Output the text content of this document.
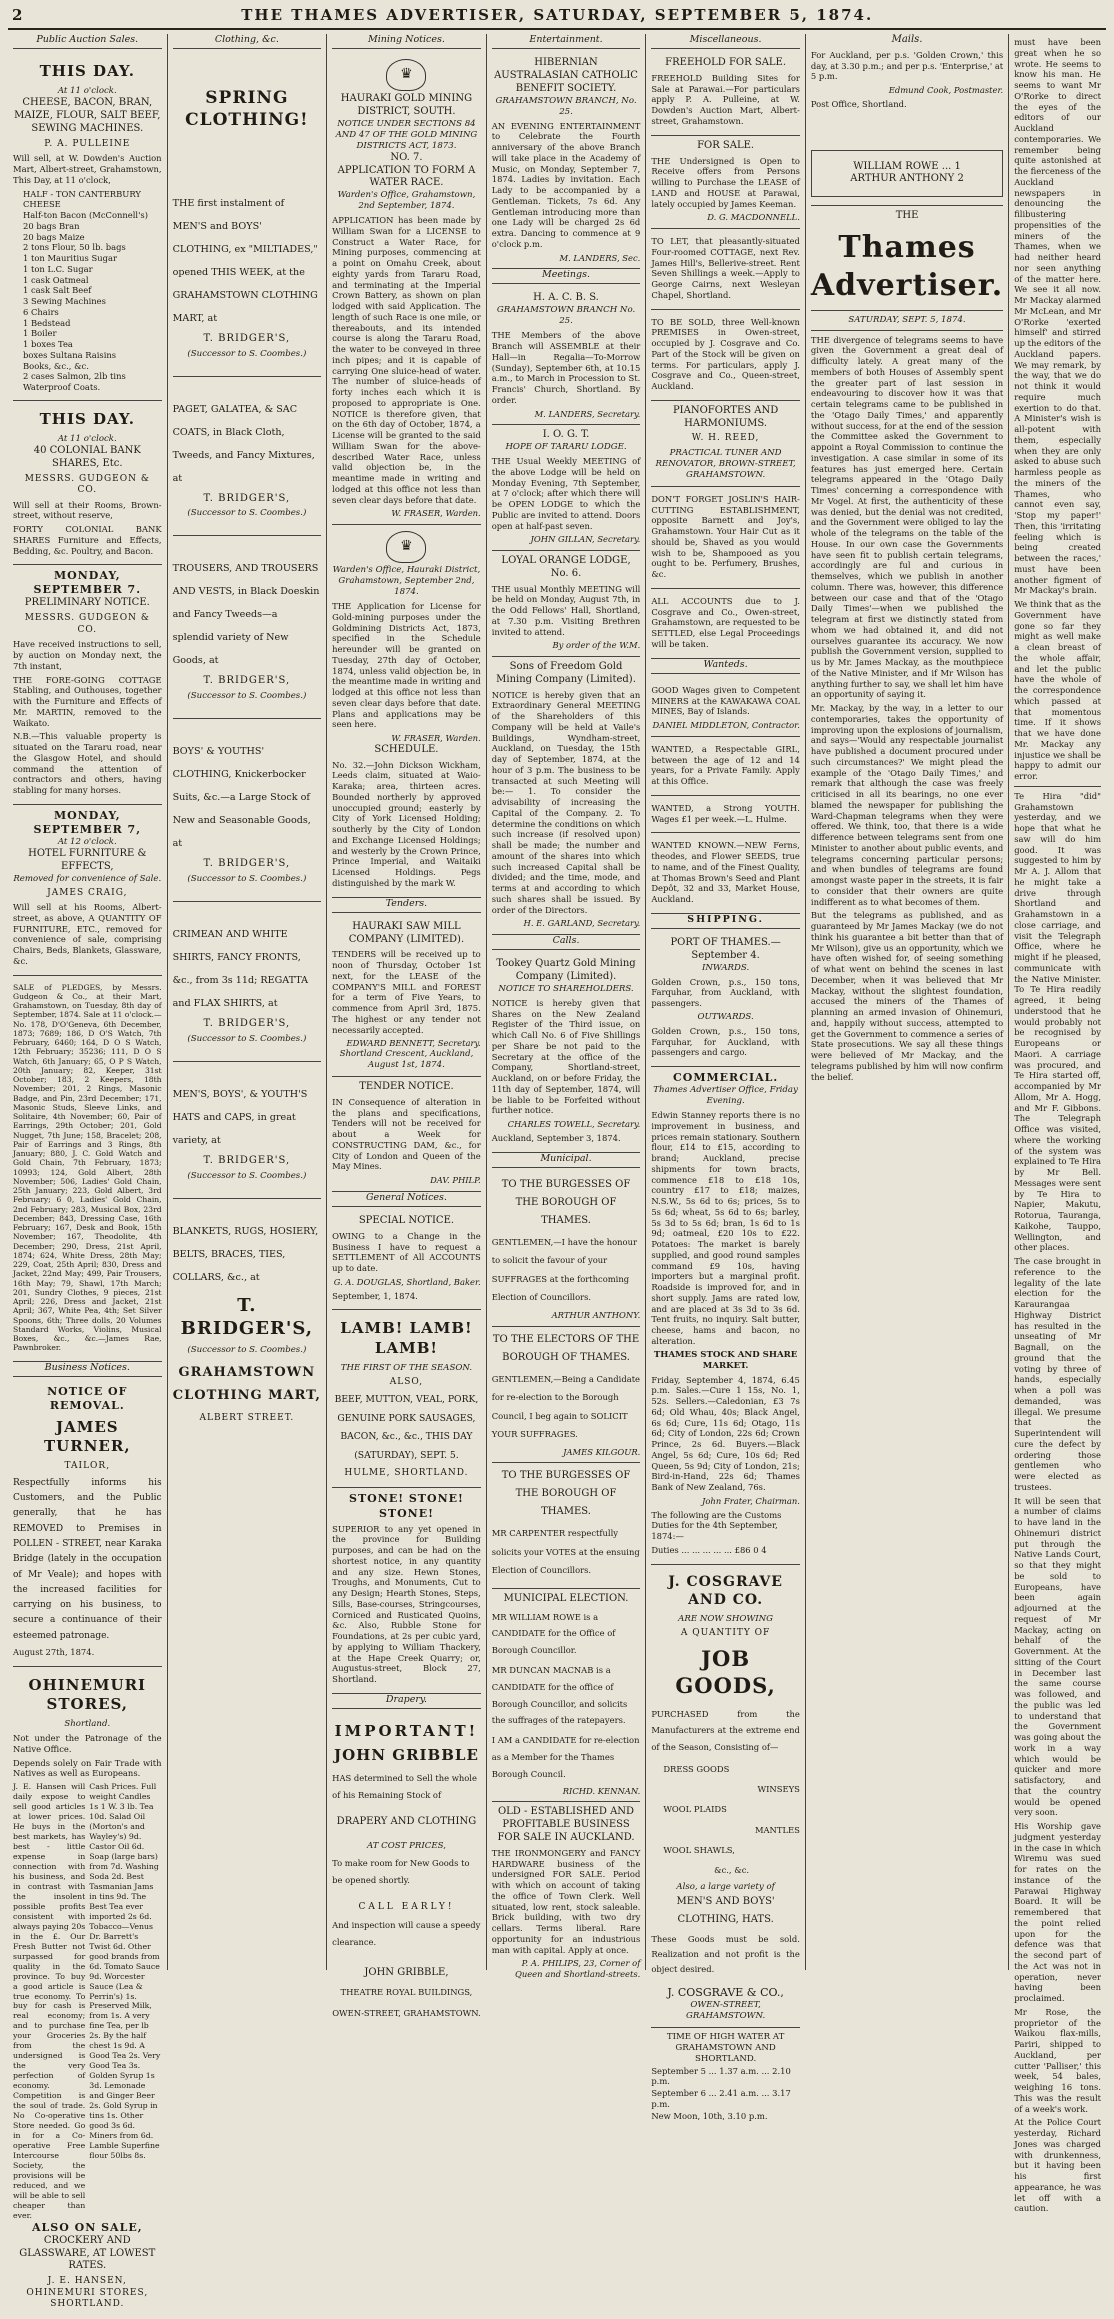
2	THE THAMES ADVERTISER, SATURDAY, SEPTEMBER 5, 1874.
Public Auction Sales.
THIS DAY.
At 11 o'clock.
CHEESE, BACON, BRAN, MAIZE, FLOUR, SALT BEEF, SEWING MACHINES.
P. A. PULLEINE

Will sell, at W. Dowden's Auction Mart, Albert-street, Grahamstown, This Day, at 11 o'clock,

HALF - TON CANTERBURY CHEESE
Half-ton Bacon (McConnell's)
20 bags Bran
20 bags Maize
2 tons Flour, 50 lb. bags
1 ton Mauritius Sugar
1 ton L.C. Sugar
1 cask Oatmeal
1 cask Salt Beef
3 Sewing Machines
6 Chairs
1 Bedstead
1 Boiler
1 boxes Tea
boxes Sultana Raisins
Books, &c., &c.
2 cases Salmon, 2lb tins
Waterproof Coats.
THIS DAY.
At 11 o'clock.
40 COLONIAL BANK SHARES, Etc.
MESSRS. GUDGEON & CO.

Will sell at their Rooms, Brown-street, without reserve,

FORTY COLONIAL BANK SHARES Furniture and Effects, Bedding, &c. Poultry, and Bacon.

MONDAY, SEPTEMBER 7.
PRELIMINARY NOTICE.
MESSRS. GUDGEON & CO.

Have received instructions to sell, by auction on Monday next, the 7th instant,

THE FORE-GOING COTTAGE Stabling, and Outhouses, together with the Furniture and Effects of Mr. MARTIN, removed to the Waikato.

N.B.—This valuable property is situated on the Tararu road, near the Glasgow Hotel, and should command the attention of contractors and others, having stabling for many horses.

MONDAY, SEPTEMBER 7,
At 12 o'clock.
HOTEL FURNITURE & EFFECTS,
Removed for convenience of Sale.
JAMES CRAIG,

Will sell at his Rooms, Albert-street, as above, A QUANTITY OF FURNITURE, ETC., removed for convenience of sale, comprising Chairs, Beds, Blankets, Glassware, &c.

SALE of PLEDGES, by Messrs. Gudgeon & Co., at their Mart, Grahamstown, on Tuesday, 8th day of September, 1874. Sale at 11 o'clock.—No. 178, D'O'Geneva, 6th December, 1873; 7689; 186, D O'S Watch, 7th February, 6460; 164, D O S Watch, 12th February; 35236; 111, D O S Watch, 6th January; 65, O P S Watch, 20th January; 82, Keeper, 31st October; 183, 2 Keepers, 18th November; 201, 2 Rings, Masonic Badge, and Pin, 23rd December; 171, Masonic Studs, Sleeve Links, and Solitaire, 4th November; 60, Pair of Earrings, 29th October; 201, Gold Nugget, 7th June; 158, Bracelet; 208, Pair of Earrings and 3 Rings, 8th January; 880, J. C. Gold Watch and Gold Chain, 7th February, 1873; 10993; 124, Gold Albert, 28th November; 506, Ladies' Gold Chain, 25th January; 223, Gold Albert, 3rd February; 6 0, Ladies' Gold Chain, 2nd February; 283, Musical Box, 23rd December; 843, Dressing Case, 16th February; 167, Desk and Book, 15th November; 167, Theodolite, 4th December; 290, Dress, 21st April, 1874; 624, White Dress, 28th May; 229, Coat, 25th April; 830, Dress and Jacket, 22nd May; 499, Pair Trousers, 16th May; 79, Shawl, 17th March; 201, Sundry Clothes, 9 pieces, 21st April; 226, Dress and Jacket, 21st April; 367, White Pea, 4th; Set Silver Spoons, 6th; Three dolls, 20 Volumes Standard Works, Violins, Musical Boxes, &c., &c.—James Rae, Pawnbroker.

Business Notices.
NOTICE OF REMOVAL.
JAMES TURNER,
TAILOR,

Respectfully informs his Customers, and the Public generally, that he has REMOVED to Premises in POLLEN - STREET, near Karaka Bridge (lately in the occupation of Mr Veale); and hopes with the increased facilities for carrying on his business, to secure a continuance of their esteemed patronage.

August 27th, 1874.

OHINEMURI STORES,
Shortland.

Not under the Patronage of the Native Office.

Depends solely on Fair Trade with Natives as well as Europeans.

J. E. Hansen will daily expose to sell good articles at lower prices. He buys in the best markets, has best - little expense in connection with his business, and in contrast with the insolent possible profits consistent with always paying 20s in the £. Our Fresh Butter not surpassed for quality in the province. To buy a good article is true economy. To buy for cash is real economy; and to purchase your Groceries from the undersigned is the very perfection of economy. Competition is the soul of trade. No Co-operative Store needed. Go in for a Co-operative Free Intercourse Society, the provisions will be reduced, and we will be able to sell cheaper than ever.

Cash Prices. Full weight Candles 1s 1 W. 3 lb. Tea 10d. Salad Oil (Morton's and Wayley's) 9d. Castor Oil 6d. Soap (large bars) from 7d. Washing Soda 2d. Best Tasmanian Jams in tins 9d. The Best Tea ever imported 2s 6d. Tobacco—Venus Dr. Barrett's Twist 6d. Other good brands from 6d. Tomato Sauce 9d. Worcester Sauce (Lea & Perrin's) 1s. Preserved Milk, from 1s. A very fine Tea, per lb 2s. By the half chest 1s 9d. A Good Tea 2s. Very Good Tea 3s. Golden Syrup 1s 3d. Lemonade and Ginger Beer 2s. Gold Syrup in tins 1s. Other good 3s 6d. Miners from 6d. Lamble Superfine flour 50lbs 8s.

ALSO ON SALE,
CROCKERY AND GLASSWARE, AT LOWEST RATES.
J. E. HANSEN, OHINEMURI STORES, SHORTLAND.
Clothing, &c.
SPRING CLOTHING!

THE first instalment of MEN'S and BOYS' CLOTHING, ex "MILTIADES," opened THIS WEEK, at the GRAHAMSTOWN CLOTHING MART, at

T. BRIDGER'S,
(Successor to S. Coombes.)

PAGET, GALATEA, & SAC COATS, in Black Cloth, Tweeds, and Fancy Mixtures, at

T. BRIDGER'S,
(Successor to S. Coombes.)

TROUSERS, AND TROUSERS AND VESTS, in Black Doeskin and Fancy Tweeds—a splendid variety of New Goods, at

T. BRIDGER'S,
(Successor to S. Coombes.)

BOYS' & YOUTHS' CLOTHING, Knickerbocker Suits, &c.—a Large Stock of New and Seasonable Goods, at

T. BRIDGER'S,
(Successor to S. Coombes.)

CRIMEAN AND WHITE SHIRTS, FANCY FRONTS, &c., from 3s 11d; REGATTA and FLAX SHIRTS, at

T. BRIDGER'S,
(Successor to S. Coombes.)

MEN'S, BOYS', & YOUTH'S HATS and CAPS, in great variety, at

T. BRIDGER'S,
(Successor to S. Coombes.)

BLANKETS, RUGS, HOSIERY, BELTS, BRACES, TIES, COLLARS, &c., at

T. BRIDGER'S,
(Successor to S. Coombes.)
GRAHAMSTOWN CLOTHING MART,
ALBERT STREET.
Mining Notices.
♛
HAURAKI GOLD MINING DISTRICT, SOUTH.
NOTICE UNDER SECTIONS 84 AND 47 OF THE GOLD MINING DISTRICTS ACT, 1873.
NO. 7.
APPLICATION TO FORM A WATER RACE.
Warden's Office, Grahamstown, 2nd September, 1874.

APPLICATION has been made by William Swan for a LICENSE to Construct a Water Race, for Mining purposes, commencing at a point on Omahu Creek, about eighty yards from Tararu Road, and terminating at the Imperial Crown Battery, as shown on plan lodged with said Application. The length of such Race is one mile, or thereabouts, and its intended course is along the Tararu Road, the water to be conveyed in three inch pipes; and it is capable of carrying One sluice-head of water. The number of sluice-heads of forty inches each which it is proposed to appropriate is One. NOTICE is therefore given, that on the 6th day of October, 1874, a License will be granted to the said William Swan for the above-described Water Race, unless valid objection be, in the meantime made in writing and lodged at this office not less than seven clear days before that date.

W. FRASER, Warden.
♛
Warden's Office, Hauraki District, Grahamstown, September 2nd, 1874.

THE Application for License for Gold-mining purposes under the Goldmining Districts Act, 1873, specified in the Schedule hereunder will be granted on Tuesday, 27th day of October, 1874, unless valid objection be, in the meantime made in writing and lodged at this office not less than seven clear days before that date. Plans and applications may be seen here.

W. FRASER, Warden.
SCHEDULE.

No. 32.—John Dickson Wickham, Leeds claim, situated at Waio-Karaka; area, thirteen acres. Bounded northerly by approved unoccupied ground; easterly by City of York Licensed Holding; southerly by the City of London and Exchange Licensed Holdings; and westerly by the Crown Prince, Prince Imperial, and Waitaiki Licensed Holdings. Pegs distinguished by the mark W.

Tenders.
HAURAKI SAW MILL COMPANY (LIMITED).

TENDERS will be received up to noon of Thursday, October 1st next, for the LEASE of the COMPANY'S MILL and FOREST for a term of Five Years, to commence from April 3rd, 1875. The highest or any tender not necessarily accepted.

EDWARD BENNETT, Secretary.
Shortland Crescent, Auckland, August 1st, 1874.
TENDER NOTICE.

IN Consequence of alteration in the plans and specifications, Tenders will not be received for about a Week for CONSTRUCTING DAM, &c., for City of London and Queen of the May Mines.

DAV. PHILP.
General Notices.
SPECIAL NOTICE.

OWING to a Change in the Business I have to request a SETTLEMENT of All ACCOUNTS up to date.

G. A. DOUGLAS, Shortland, Baker.

September, 1, 1874.

LAMB! LAMB! LAMB!
THE FIRST OF THE SEASON.
ALSO,

BEEF, MUTTON, VEAL, PORK, GENUINE PORK SAUSAGES, BACON, &c., &c., THIS DAY (SATURDAY), SEPT. 5.

HULME, SHORTLAND.
STONE! STONE! STONE!

SUPERIOR to any yet opened in the province for Building purposes, and can be had on the shortest notice, in any quantity and any size. Hewn Stones, Troughs, and Monuments, Cut to any Design; Hearth Stones, Steps, Sills, Base-courses, Stringcourses, Corniced and Rusticated Quoins, &c. Also, Rubble Stone for Foundations, at 2s per cubic yard, by applying to William Thackery, at the Hape Creek Quarry; or, Augustus-street, Block 27, Shortland.

Drapery.
IMPORTANT!
JOHN GRIBBLE

HAS determined to Sell the whole of his Remaining Stock of

DRAPERY AND CLOTHING
AT COST PRICES,

To make room for New Goods to be opened shortly.

CALL EARLY!

And inspection will cause a speedy clearance.

JOHN GRIBBLE,

THEATRE ROYAL BUILDINGS, OWEN-STREET, GRAHAMSTOWN.

Entertainment.
HIBERNIAN AUSTRALASIAN CATHOLIC BENEFIT SOCIETY.
GRAHAMSTOWN BRANCH, No. 25.

AN EVENING ENTERTAINMENT to Celebrate the Fourth anniversary of the above Branch will take place in the Academy of Music, on Monday, September 7, 1874. Ladies by invitation. Each Lady to be accompanied by a Gentleman. Tickets, 7s 6d. Any Gentleman introducing more than one Lady will be charged 2s 6d extra. Dancing to commence at 9 o'clock p.m.

M. LANDERS, Sec.
Meetings.
H. A. C. B. S.
GRAHAMSTOWN BRANCH No. 25.

THE Members of the above Branch will ASSEMBLE at their Hall—in Regalia—To-Morrow (Sunday), September 6th, at 10.15 a.m., to March in Procession to St. Francis' Church, Shortland. By order.

M. LANDERS, Secretary.
I. O. G. T.
HOPE OF TARARU LODGE.

THE Usual Weekly MEETING of the above Lodge will be held on Monday Evening, 7th September, at 7 o'clock; after which there will be OPEN LODGE to which the Public are invited to attend. Doors open at half-past seven.

JOHN GILLAN, Secretary.
LOYAL ORANGE LODGE, No. 6.

THE usual Monthly MEETING will be held on Monday, August 7th, in the Odd Fellows' Hall, Shortland, at 7.30 p.m. Visiting Brethren invited to attend.

By order of the W.M.
Sons of Freedom Gold Mining Company (Limited).

NOTICE is hereby given that an Extraordinary General MEETING of the Shareholders of this Company will be held at Vaile's Buildings, Wyndham-street, Auckland, on Tuesday, the 15th day of September, 1874, at the hour of 3 p.m. The business to be transacted at such Meeting will be:— 1. To consider the advisability of increasing the Capital of the Company. 2. To determine the conditions on which such increase (if resolved upon) shall be made; the number and amount of the shares into which such increased Capital shall be divided; and the time, mode, and terms at and according to which such shares shall be issued. By order of the Directors.

H. E. GARLAND, Secretary.
Calls.
Tookey Quartz Gold Mining Company (Limited).
NOTICE TO SHAREHOLDERS.

NOTICE is hereby given that Shares on the New Zealand Register of the Third issue, on which Call No. 6 of Five Shillings per Share be not paid to the Secretary at the office of the Company, Shortland-street, Auckland, on or before Friday, the 11th day of September, 1874, will be liable to be Forfeited without further notice.

CHARLES TOWELL, Secretary.

Auckland, September 3, 1874.

Municipal.
TO THE BURGESSES OF THE BOROUGH OF THAMES.

GENTLEMEN,—I have the honour to solicit the favour of your SUFFRAGES at the forthcoming Election of Councillors.

ARTHUR ANTHONY.
TO THE ELECTORS OF THE BOROUGH OF THAMES.

GENTLEMEN,—Being a Candidate for re-election to the Borough Council, I beg again to SOLICIT YOUR SUFFRAGES.

JAMES KILGOUR.
TO THE BURGESSES OF THE BOROUGH OF THAMES.

MR CARPENTER respectfully solicits your VOTES at the ensuing Election of Councillors.

MUNICIPAL ELECTION.

MR WILLIAM ROWE is a CANDIDATE for the Office of Borough Councillor.

MR DUNCAN MACNAB is a CANDIDATE for the office of Borough Councillor, and solicits the suffrages of the ratepayers.

I AM a CANDIDATE for re-election as a Member for the Thames Borough Council.

RICHD. KENNAN.
OLD - ESTABLISHED AND PROFITABLE BUSINESS FOR SALE IN AUCKLAND.

THE IRONMONGERY and FANCY HARDWARE business of the undersigned FOR SALE. Period with which on account of taking the office of Town Clerk. Well situated, low rent, stock saleable. Brick building, with two dry cellars. Terms liberal. Rare opportunity for an industrious man with capital. Apply at once.

P. A. PHILIPS, 23, Corner of Queen and Shortland-streets.
Miscellaneous.
FREEHOLD FOR SALE.

FREEHOLD Building Sites for Sale at Parawai.—For particulars apply P. A. Pulleine, at W. Dowden's Auction Mart, Albert-street, Grahamstown.

FOR SALE.

THE Undersigned is Open to Receive offers from Persons willing to Purchase the LEASE of LAND and HOUSE at Parawai, lately occupied by James Keeman.

D. G. MACDONNELL.

TO LET, that pleasantly-situated Four-roomed COTTAGE, next Rev. James Hill's, Bellerive-street. Rent Seven Shillings a week.—Apply to George Cairns, next Wesleyan Chapel, Shortland.

TO BE SOLD, three Well-known PREMISES in Owen-street, occupied by J. Cosgrave and Co. Part of the Stock will be given on terms. For particulars, apply J. Cosgrave and Co., Queen-street, Auckland.

PIANOFORTES AND HARMONIUMS.
W. H. REED,
PRACTICAL TUNER AND RENOVATOR, BROWN-STREET, GRAHAMSTOWN.

DON'T FORGET JOSLIN'S HAIR-CUTTING ESTABLISHMENT, opposite Barnett and Joy's, Grahamstown. Your Hair Cut as it should be, Shaved as you would wish to be, Shampooed as you ought to be. Perfumery, Brushes, &c.

ALL ACCOUNTS due to J. Cosgrave and Co., Owen-street, Grahamstown, are requested to be SETTLED, else Legal Proceedings will be taken.

Wanteds.

GOOD Wages given to Competent MINERS at the KAWAKAWA COAL MINES, Bay of Islands.

DANIEL MIDDLETON, Contractor.

WANTED, a Respectable GIRL, between the age of 12 and 14 years, for a Private Family. Apply at this Office.

WANTED, a Strong YOUTH. Wages £1 per week.—L. Hulme.

WANTED KNOWN.—NEW Ferns, theodes, and Flower SEEDS, true to name, and of the Finest Quality, at Thomas Brown's Seed and Plant Depôt, 32 and 33, Market House, Auckland.

SHIPPING.
PORT OF THAMES.—September 4.
INWARDS.

Golden Crown, p.s., 150 tons, Farquhar, from Auckland, with passengers.

OUTWARDS.

Golden Crown, p.s., 150 tons, Farquhar, for Auckland, with passengers and cargo.

COMMERCIAL.
Thames Advertiser Office, Friday Evening.

Edwin Stanney reports there is no improvement in business, and prices remain stationary. Southern flour, £14 to £15, according to brand; Auckland, precise shipments for town bracts, commence £18 to £18 10s, country £17 to £18; maizes, N.S.W., 5s 6d to 6s; prices, 5s to 5s 6d; wheat, 5s 6d to 6s; barley, 5s 3d to 5s 6d; bran, 1s 6d to 1s 9d; oatmeal, £20 10s to £22. Potatoes: The market is barely supplied, and good round samples command £9 10s, having importers but a marginal profit. Roadside is improved for, and in short supply. Jams are rated low, and are placed at 3s 3d to 3s 6d. Tent fruits, no inquiry. Salt butter, cheese, hams and bacon, no alteration.

THAMES STOCK AND SHARE MARKET.

Friday, September 4, 1874, 6.45 p.m. Sales.—Cure 1 15s, No. 1, 52s. Sellers.—Caledonian, £3 7s 6d; Old Whau, 40s; Black Angel, 6s 6d; Cure, 11s 6d; Otago, 11s 6d; City of London, 22s 6d; Crown Prince, 2s 6d. Buyers.—Black Angel, 5s 6d; Cure, 10s 6d; Red Queen, 5s 9d; City of London, 21s; Bird-in-Hand, 22s 6d; Thames Bank of New Zealand, 76s.

John Frater, Chairman.

The following are the Customs Duties for the 4th September, 1874:—

Duties ... ... ... ... ... £86 0 4

J. COSGRAVE AND CO.
ARE NOW SHOWING
A QUANTITY OF
JOB GOODS,

PURCHASED from the Manufacturers at the extreme end of the Season, Consisting of—

DRESS GOODS
WINSEYS
WOOL PLAIDS
MANTLES
WOOL SHAWLS,
&c., &c.
Also, a large variety of
MEN'S AND BOYS' CLOTHING, HATS.

These Goods must be sold. Realization and not profit is the object desired.

J. COSGRAVE & CO.,
OWEN-STREET, GRAHAMSTOWN.
TIME OF HIGH WATER AT GRAHAMSTOWN AND SHORTLAND.

September 5 ... 1.37 a.m. ... 2.10 p.m.

September 6 ... 2.41 a.m. ... 3.17 p.m.

New Moon, 10th, 3.10 p.m.

Mails.

For Auckland, per p.s. 'Golden Crown,' this day, at 3.30 p.m.; and per p.s. 'Enterprise,' at 5 p.m.

Edmund Cook, Postmaster.

Post Office, Shortland.

WILLIAM ROWE ... 1
ARTHUR ANTHONY 2
THE
Thames Advertiser.
SATURDAY, SEPT. 5, 1874.

THE divergence of telegrams seems to have given the Government a great deal of difficulty lately. A great many of the members of both Houses of Assembly spent the greater part of last session in endeavouring to discover how it was that certain telegrams came to be published in the 'Otago Daily Times,' and apparently without success, for at the end of the session the Committee asked the Government to appoint a Royal Commission to continue the investigation. A case similar in some of its features has just emerged here. Certain telegrams appeared in the 'Otago Daily Times' concerning a correspondence with Mr Vogel. At first, the authenticity of these was denied, but the denial was not credited, and the Government were obliged to lay the whole of the telegrams on the table of the House. In our own case the Governments have seen fit to publish certain telegrams, accordingly are ful and curious in themselves, which we publish in another column. There was, however, this difference between our case and that of the 'Otago Daily Times'—when we published the telegram at first we distinctly stated from whom we had obtained it, and did not ourselves guarantee its accuracy. We now publish the Government version, supplied to us by Mr. James Mackay, as the mouthpiece of the Native Minister, and if Mr Wilson has anything further to say, we shall let him have an opportunity of saying it.

Mr. Mackay, by the way, in a letter to our contemporaries, takes the opportunity of improving upon the explosions of journalism, and says—'Would any respectable journalist have published a document procured under such circumstances?' We might plead the example of the 'Otago Daily Times,' and remark that although the case was freely criticised in all its bearings, no one ever blamed the newspaper for publishing the Ward-Chapman telegrams when they were offered. We think, too, that there is a wide difference between telegrams sent from one Minister to another about public events, and telegrams concerning particular persons; and when bundles of telegrams are found amongst waste paper in the streets, it is fair to consider that their owners are quite indifferent as to what becomes of them.

But the telegrams as published, and as guaranteed by Mr James Mackay (we do not think his guarantee a bit better than that of Mr Wilson), give us an opportunity, which we have often wished for, of seeing something of what went on behind the scenes in last December, when it was believed that Mr Mackay, without the slightest foundation, accused the miners of the Thames of planning an armed invasion of Ohinemuri, and, happily without success, attempted to get the Government to commence a series of State prosecutions. We say all these things were believed of Mr Mackay, and the telegrams published by him will now confirm the belief.

must have been great when he so wrote. He seems to know his man. He seems to want Mr O'Rorke to direct the eyes of the editors of our Auckland contemporaries. We remember being quite astonished at the fierceness of the Auckland newspapers in denouncing the filibustering propensities of the miners of the Thames, when we had neither heard nor seen anything of the matter here. We see it all now. Mr Mackay alarmed Mr McLean, and Mr O'Rorke 'exerted himself' and stirred up the editors of the Auckland papers. We may remark, by the way, that we do not think it would require much exertion to do that. A Minister's wish is all-potent with them, especially when they are only asked to abuse such harmless people as the miners of the Thames, who cannot even say, 'Stop my paper!' Then, this 'irritating feeling which is being created between the races,' must have been another figment of Mr Mackay's brain.

We think that as the Government have gone so far they might as well make a clean breast of the whole affair, and let the public have the whole of the correspondence which passed at that momentous time. If it shows that we have done Mr. Mackay any injustice we shall be happy to admit our error.

Te Hira "did" Grahamstown yesterday, and we hope that what he saw will do him good. It was suggested to him by Mr A. J. Allom that he might take a drive through Shortland and Grahamstown in a close carriage, and visit the Telegraph Office, where he might if he pleased, communicate with the Native Minister. To Te Hira readily agreed, it being understood that he would probably not be recognised by Europeans or Maori. A carriage was procured, and Te Hira started off, accompanied by Mr Allom, Mr A. Hogg, and Mr F. Gibbons. The Telegraph Office was visited, where the working of the system was explained to Te Hira by Mr Bell. Messages were sent by Te Hira to Napier, Makutu, Rotorua, Tauranga, Kaikohe, Tauppo, Wellington, and other places.

The case brought in reference to the legality of the late election for the Karaurangaa Highway District has resulted in the unseating of Mr Bagnall, on the ground that the voting by three of hands, especially when a poll was demanded, was illegal. We presume that the Superintendent will cure the defect by ordering those gentlemen who were elected as trustees.

It will be seen that a number of claims to have land in the Ohinemuri district put through the Native Lands Court, so that they might be sold to Europeans, have been again adjourned at the request of Mr Mackay, acting on behalf of the Government. At the sitting of the Court in December last the same course was followed, and the public was led to understand that the Government was going about the work in a way which would be quicker and more satisfactory, and that the country would be opened very soon.

His Worship gave judgment yesterday in the case in which Wiremu was sued for rates on the instance of the Parawai Highway Board. It will be remembered that the point relied upon for the defence was that the second part of the Act was not in operation, never having been proclaimed.

Mr Rose, the proprietor of the Waikou flax-mills, Pariri, shipped to Auckland, per cutter 'Palliser,' this week, 54 bales, weighing 16 tons. This was the result of a week's work.

At the Police Court yesterday, Richard Jones was charged with drunkenness, but it having been his first appearance, he was let off with a caution.
